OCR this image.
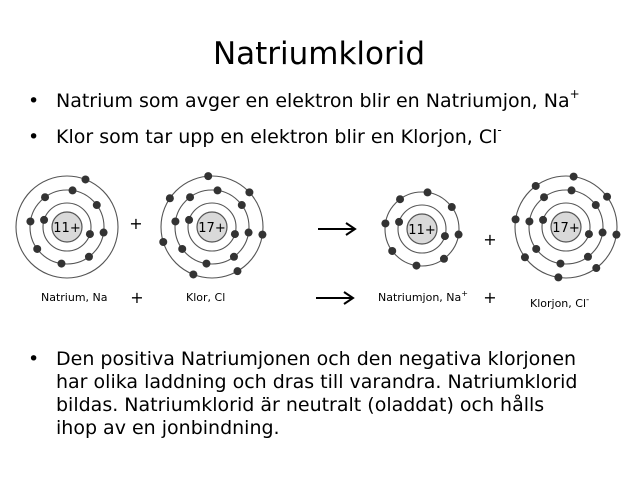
Natriumklorid
• Natrium som avger en elektron blir en Natriumjon, Na+
• Klor som tar upp en elektron blir en Klorjon, Cl-
11+	+	17+	11+	+
17+
Natrium, Na +	Klor, Cl	Natriumjon, Na+ +	Klorjon, Cl-
• Den positiva Natriumjonen och den negativa klorjonen
har olika laddning och dras till varandra. Natriumklorid
bildas. Natriumklorid är neutralt (oladdat) och hålls
ihop av en jonbindning.
